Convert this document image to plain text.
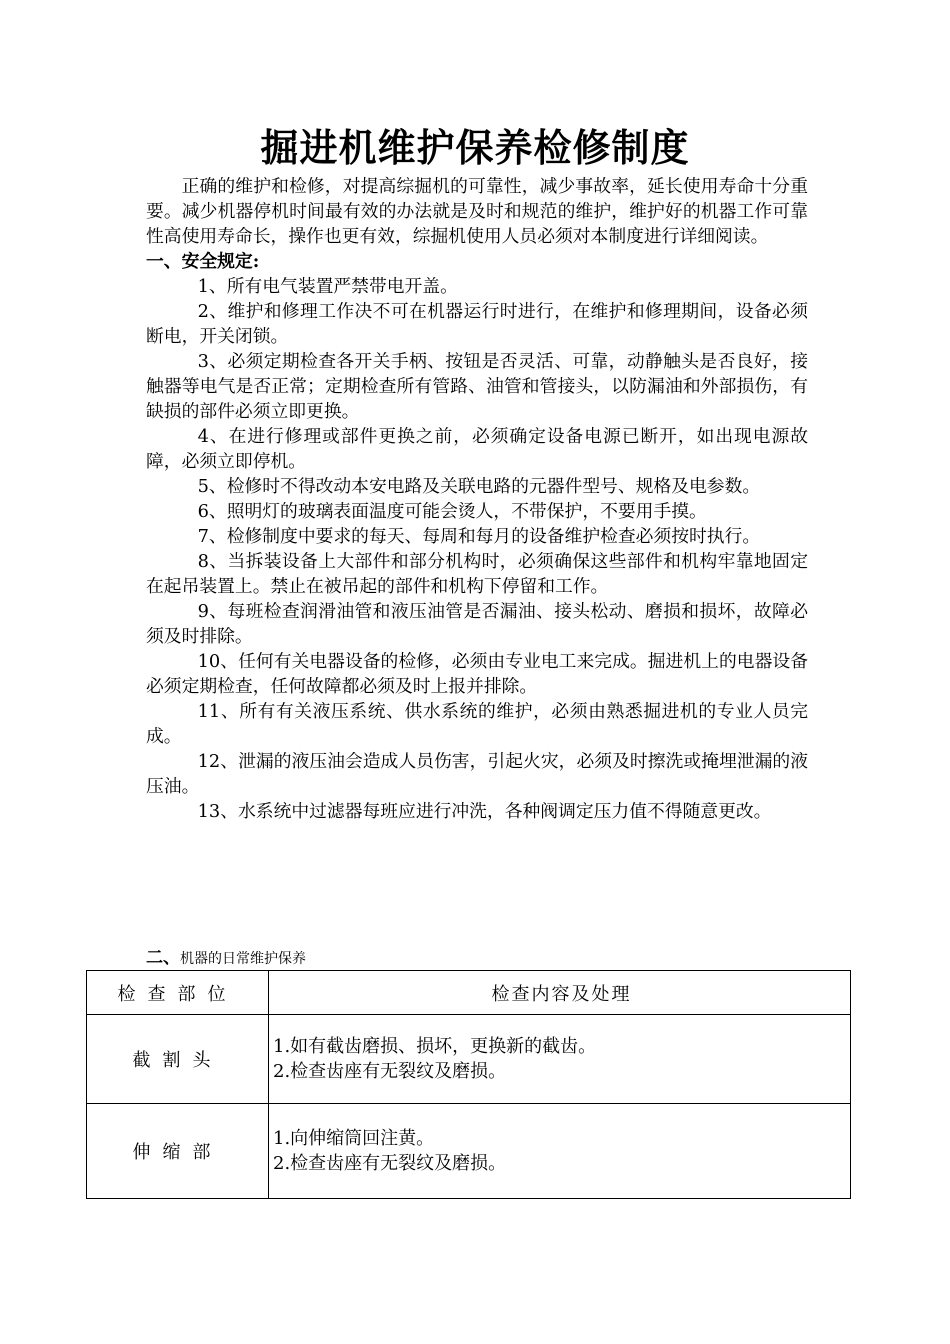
掘进机维护保养检修制度

正确的维护和检修，对提高综掘机的可靠性，减少事故率，延长使用寿命十分重要。减少机器停机时间最有效的办法就是及时和规范的维护，维护好的机器工作可靠性高使用寿命长，操作也更有效，综掘机使用人员必须对本制度进行详细阅读。

一、安全规定:

1、所有电气装置严禁带电开盖。

2、维护和修理工作决不可在机器运行时进行，在维护和修理期间，设备必须断电，开关闭锁。

3、必须定期检查各开关手柄、按钮是否灵活、可靠，动静触头是否良好，接触器等电气是否正常；定期检查所有管路、油管和管接头，以防漏油和外部损伤，有缺损的部件必须立即更换。

4、在进行修理或部件更换之前，必须确定设备电源已断开，如出现电源故障，必须立即停机。

5、检修时不得改动本安电路及关联电路的元器件型号、规格及电参数。

6、照明灯的玻璃表面温度可能会烫人，不带保护，不要用手摸。

7、检修制度中要求的每天、每周和每月的设备维护检查必须按时执行。

8、当拆装设备上大部件和部分机构时，必须确保这些部件和机构牢靠地固定在起吊装置上。禁止在被吊起的部件和机构下停留和工作。

9、每班检查润滑油管和液压油管是否漏油、接头松动、磨损和损坏，故障必须及时排除。

10、任何有关电器设备的检修，必须由专业电工来完成。掘进机上的电器设备必须定期检查，任何故障都必须及时上报并排除。

11、所有有关液压系统、供水系统的维护，必须由熟悉掘进机的专业人员完成。

12、泄漏的液压油会造成人员伤害，引起火灾，必须及时擦洗或掩埋泄漏的液压油。

13、水系统中过滤器每班应进行冲洗，各种阀调定压力值不得随意更改。

二、机器的日常维护保养
检查部位	检查内容及处理
截割头	1.如有截齿磨损、损坏，更换新的截齿。
2.检查齿座有无裂纹及磨损。

伸缩部	1.向伸缩筒回注黄。
2.检查齿座有无裂纹及磨损。
